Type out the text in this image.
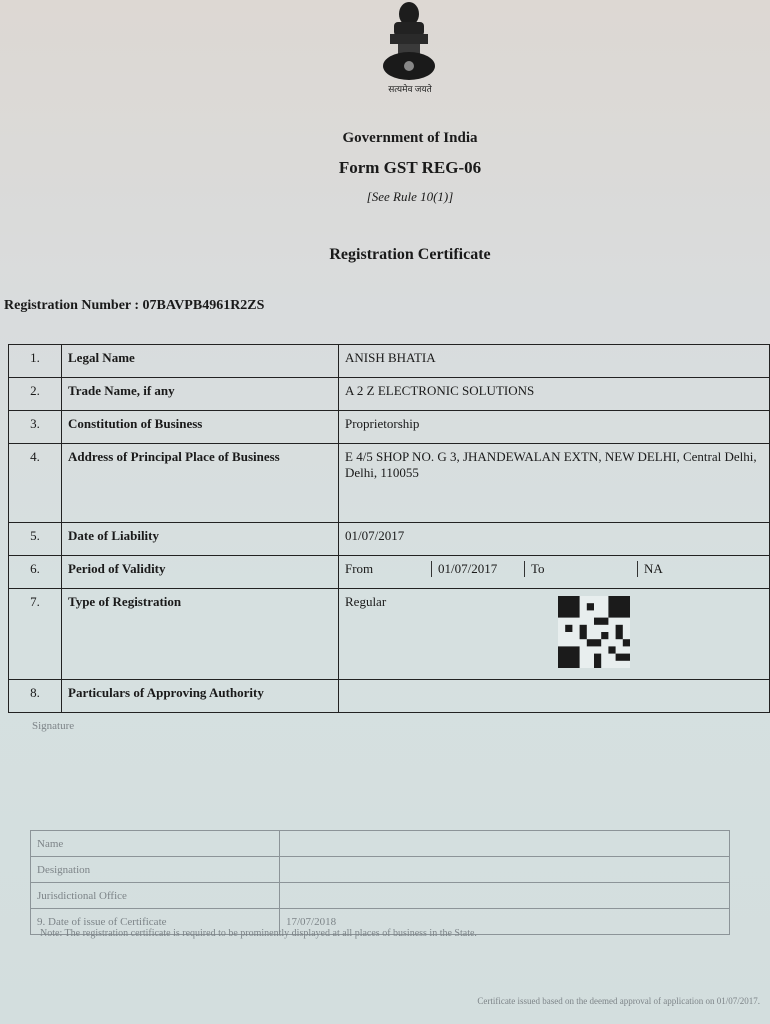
सत्यमेव जयते
Government of India
Form GST REG-06
[See Rule 10(1)]
Registration Certificate
Registration Number : 07BAVPB4961R2ZS
1.	Legal Name	ANISH BHATIA
2.	Trade Name, if any	A 2 Z ELECTRONIC SOLUTIONS
3.	Constitution of Business	Proprietorship
4.	Address of Principal Place of Business	E 4/5 SHOP NO. G 3, JHANDEWALAN EXTN, NEW DELHI, Central Delhi, Delhi, 110055
5.	Date of Liability	01/07/2017
6.	Period of Validity	From 01/07/2017 To NA

7.	Type of Registration	Regular
8.	Particulars of Approving Authority	
Signature
Name	
Designation	
Jurisdictional Office	
9. Date of issue of Certificate	17/07/2018
Note: The registration certificate is required to be prominently displayed at all places of business in the State.
Certificate issued based on the deemed approval of application on 01/07/2017.
